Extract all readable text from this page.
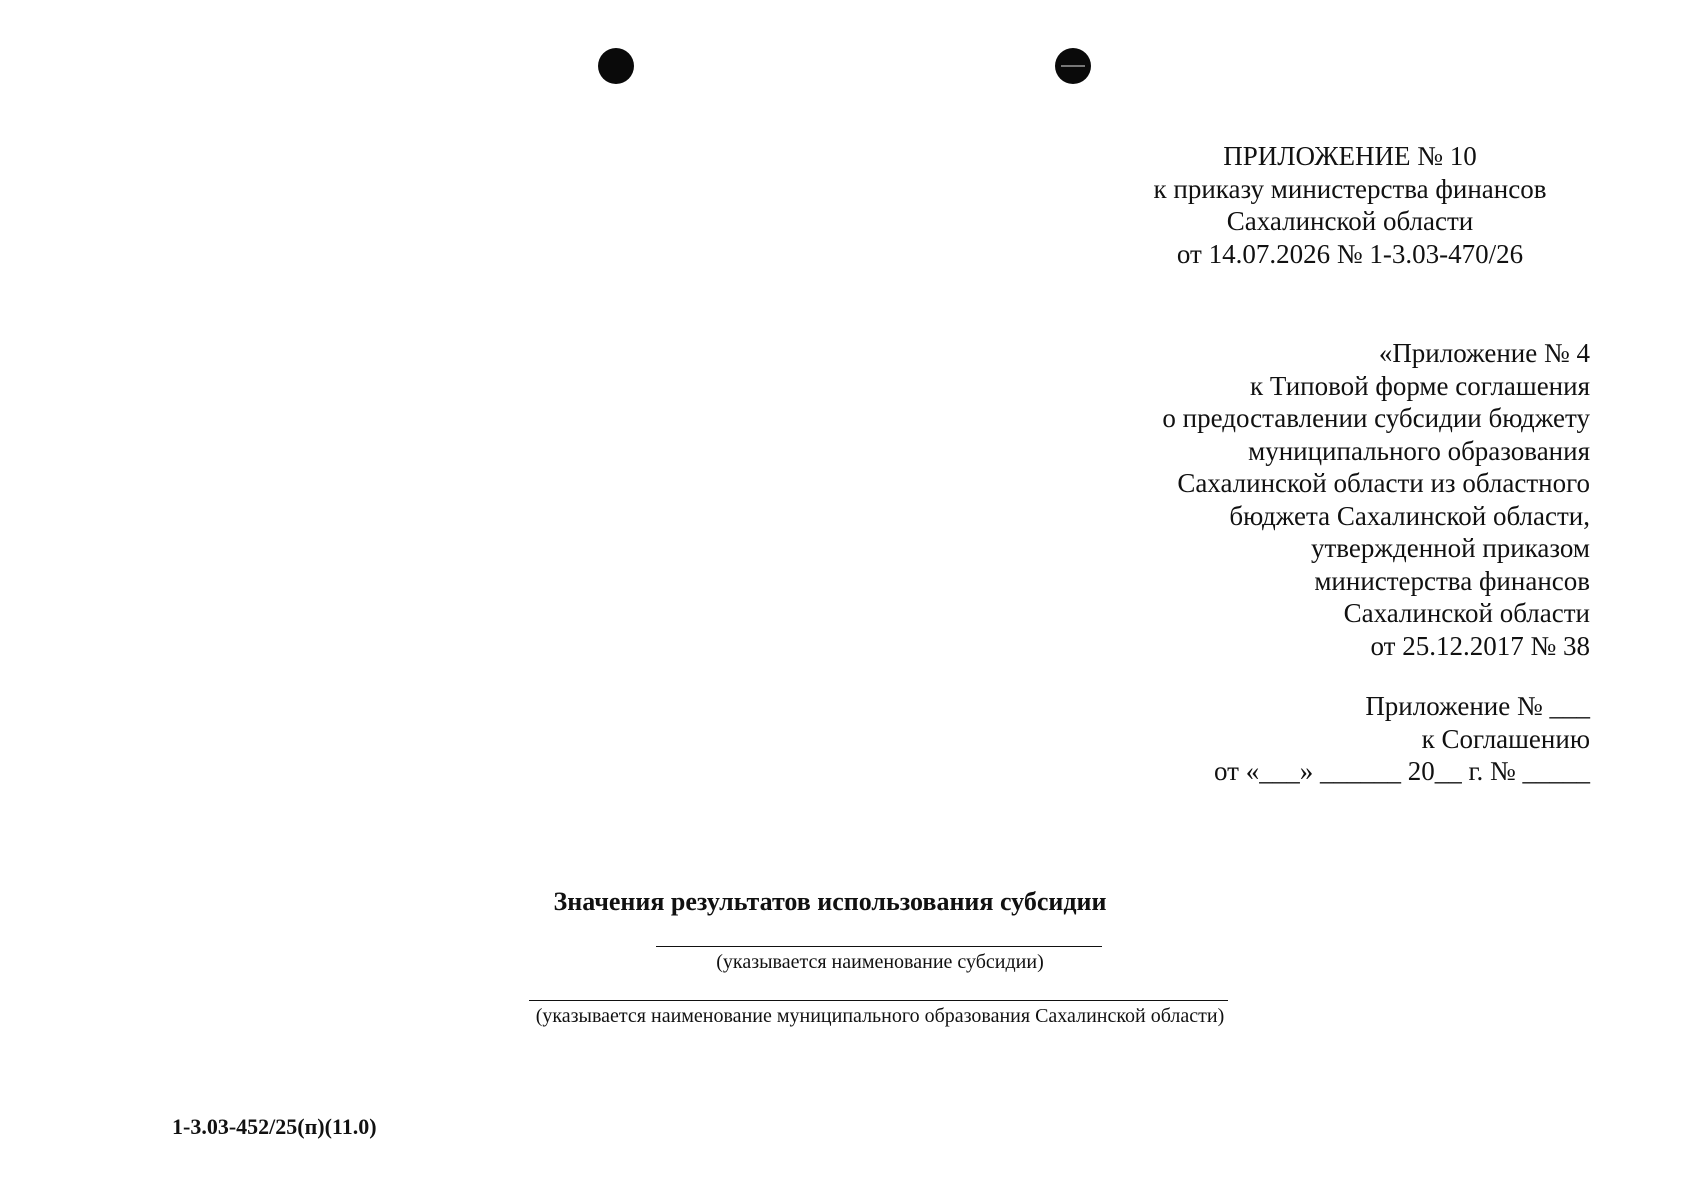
ПРИЛОЖЕНИЕ № 10
к приказу министерства финансов
Сахалинской области
от 14.07.2026 № 1-3.03-470/26
«Приложение № 4
к Типовой форме соглашения
о предоставлении субсидии бюджету
муниципального образования
Сахалинской области из областного
бюджета Сахалинской области,
утвержденной приказом
министерства финансов
Сахалинской области
от 25.12.2017 № 38
Приложение № ___
к Соглашению
от «___» ______ 20__ г. № _____
Значения результатов использования субсидии
(указывается наименование субсидии)
(указывается наименование муниципального образования Сахалинской области)
1-3.03-452/25(п)(11.0)
